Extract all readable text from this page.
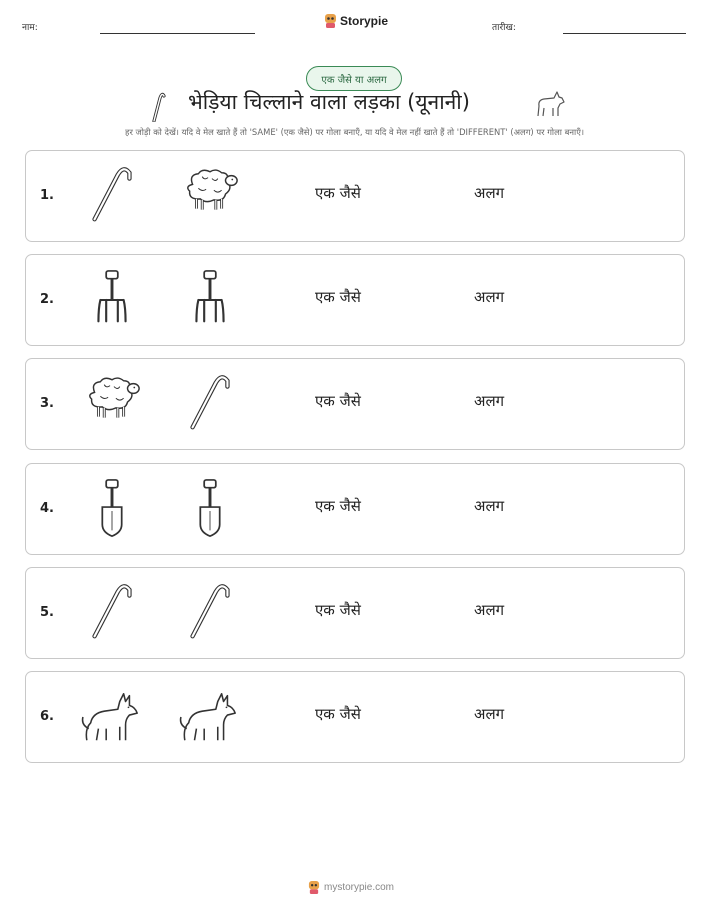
नाम:	Storypie	तारीख:
एक जैसे या अलग
भेड़िया चिल्लाने वाला लड़का (यूनानी)
हर जोड़ी को देखें। यदि वे मेल खाते हैं तो 'SAME' (एक जैसे) पर गोला बनाएँ, या यदि वे मेल नहीं खाते हैं तो 'DIFFERENT' (अलग) पर गोला बनाएँ।
1.	एक जैसे	अलग
2.	एक जैसे	अलग
3.	एक जैसे	अलग
4.	एक जैसे	अलग
5.	एक जैसे	अलग
6.	एक जैसे	अलग
mystorypie.com
